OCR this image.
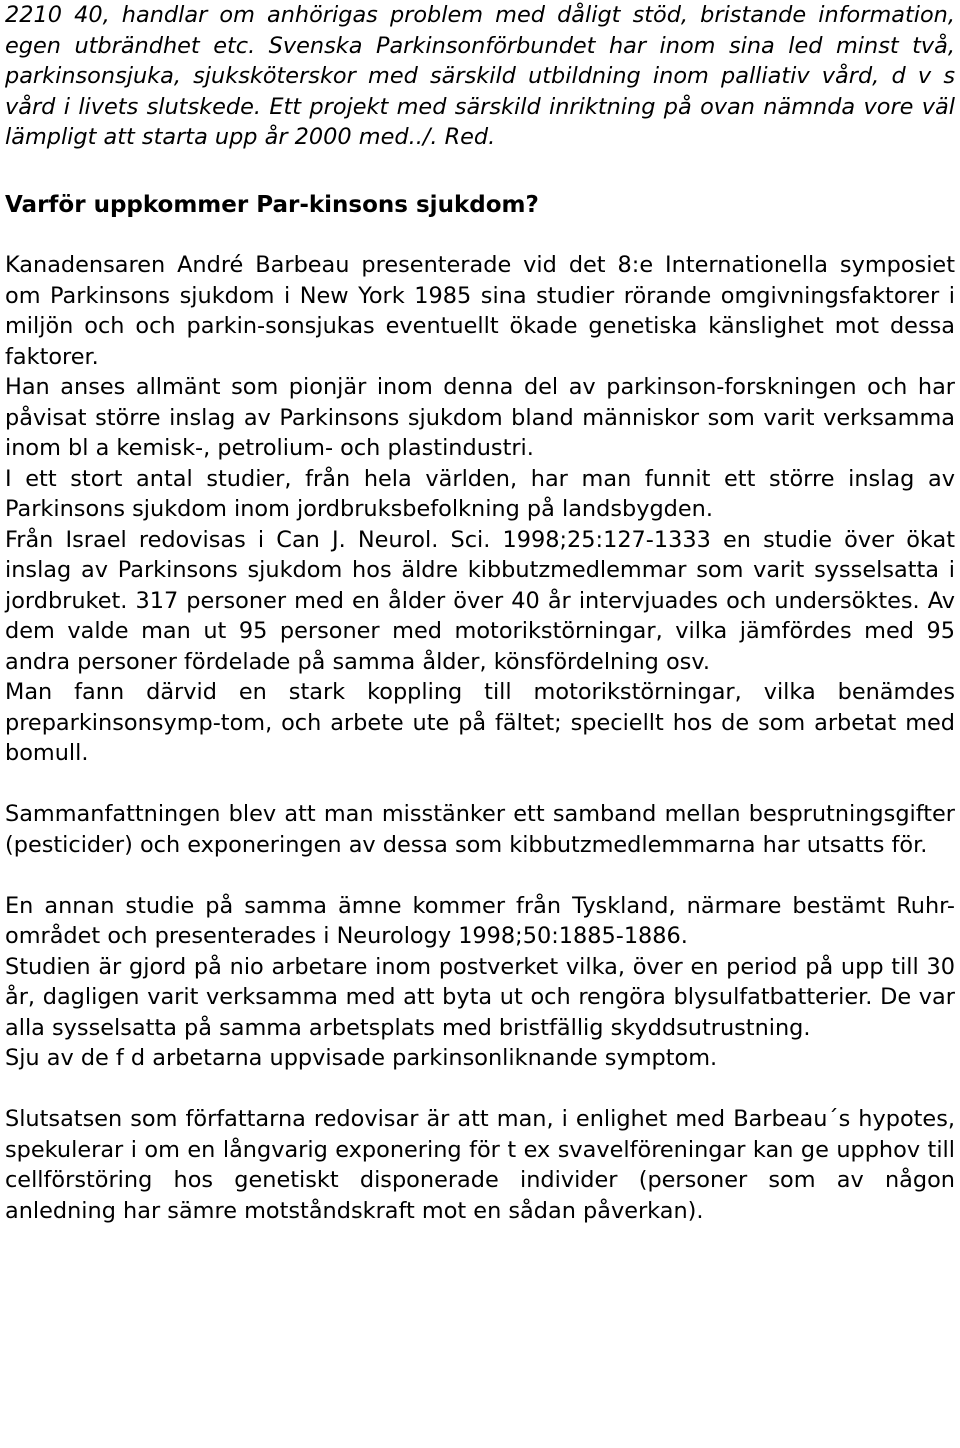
2210 40, handlar om anhörigas problem med dåligt stöd, bristande information, egen utbrändhet etc. Svenska Parkinsonförbundet har inom sina led minst två, parkinsonsjuka, sjuksköterskor med särskild utbildning inom palliativ vård, d v s vård i livets slutskede. Ett projekt med särskild inriktning på ovan nämnda vore väl lämpligt att starta upp år 2000 med../. Red.

Varför uppkommer Par-kinsons sjukdom?

Kanadensaren André Barbeau presenterade vid det 8:e Internationella symposiet om Parkinsons sjukdom i New York 1985 sina studier rörande omgivningsfaktorer i miljön och och parkin-sonsjukas eventuellt ökade genetiska känslighet mot dessa faktorer.

Han anses allmänt som pionjär inom denna del av parkinson-forskningen och har påvisat större inslag av Parkinsons sjukdom bland människor som varit verksamma inom bl a kemisk-, petrolium- och plastindustri.

I ett stort antal studier, från hela världen, har man funnit ett större inslag av Parkinsons sjukdom inom jordbruksbefolkning på landsbygden.

Från Israel redovisas i Can J. Neurol. Sci. 1998;25:127-1333 en studie över ökat inslag av Parkinsons sjukdom hos äldre kibbutzmedlemmar som varit sysselsatta i jordbruket. 317 personer med en ålder över 40 år intervjuades och undersöktes. Av dem valde man ut 95 personer med motorikstörningar, vilka jämfördes med 95 andra personer fördelade på samma ålder, könsfördelning osv.

Man fann därvid en stark koppling till motorikstörningar, vilka benämdes preparkinsonsymp-tom, och arbete ute på fältet; speciellt hos de som arbetat med bomull.

Sammanfattningen blev att man misstänker ett samband mellan besprutningsgifter (pesticider) och exponeringen av dessa som kibbutzmedlemmarna har utsatts för.

En annan studie på samma ämne kommer från Tyskland, närmare bestämt Ruhr-området och presenterades i Neurology 1998;50:1885-1886.

Studien är gjord på nio arbetare inom postverket vilka, över en period på upp till 30 år, dagligen varit verksamma med att byta ut och rengöra blysulfatbatterier. De var alla sysselsatta på samma arbetsplats med bristfällig skyddsutrustning.

Sju av de f d arbetarna uppvisade parkinsonliknande symptom.

Slutsatsen som författarna redovisar är att man, i enlighet med Barbeau´s hypotes, spekulerar i om en långvarig exponering för t ex svavelföreningar kan ge upphov till cellförstöring hos genetiskt disponerade individer (personer som av någon anledning har sämre motståndskraft mot en sådan påverkan).
